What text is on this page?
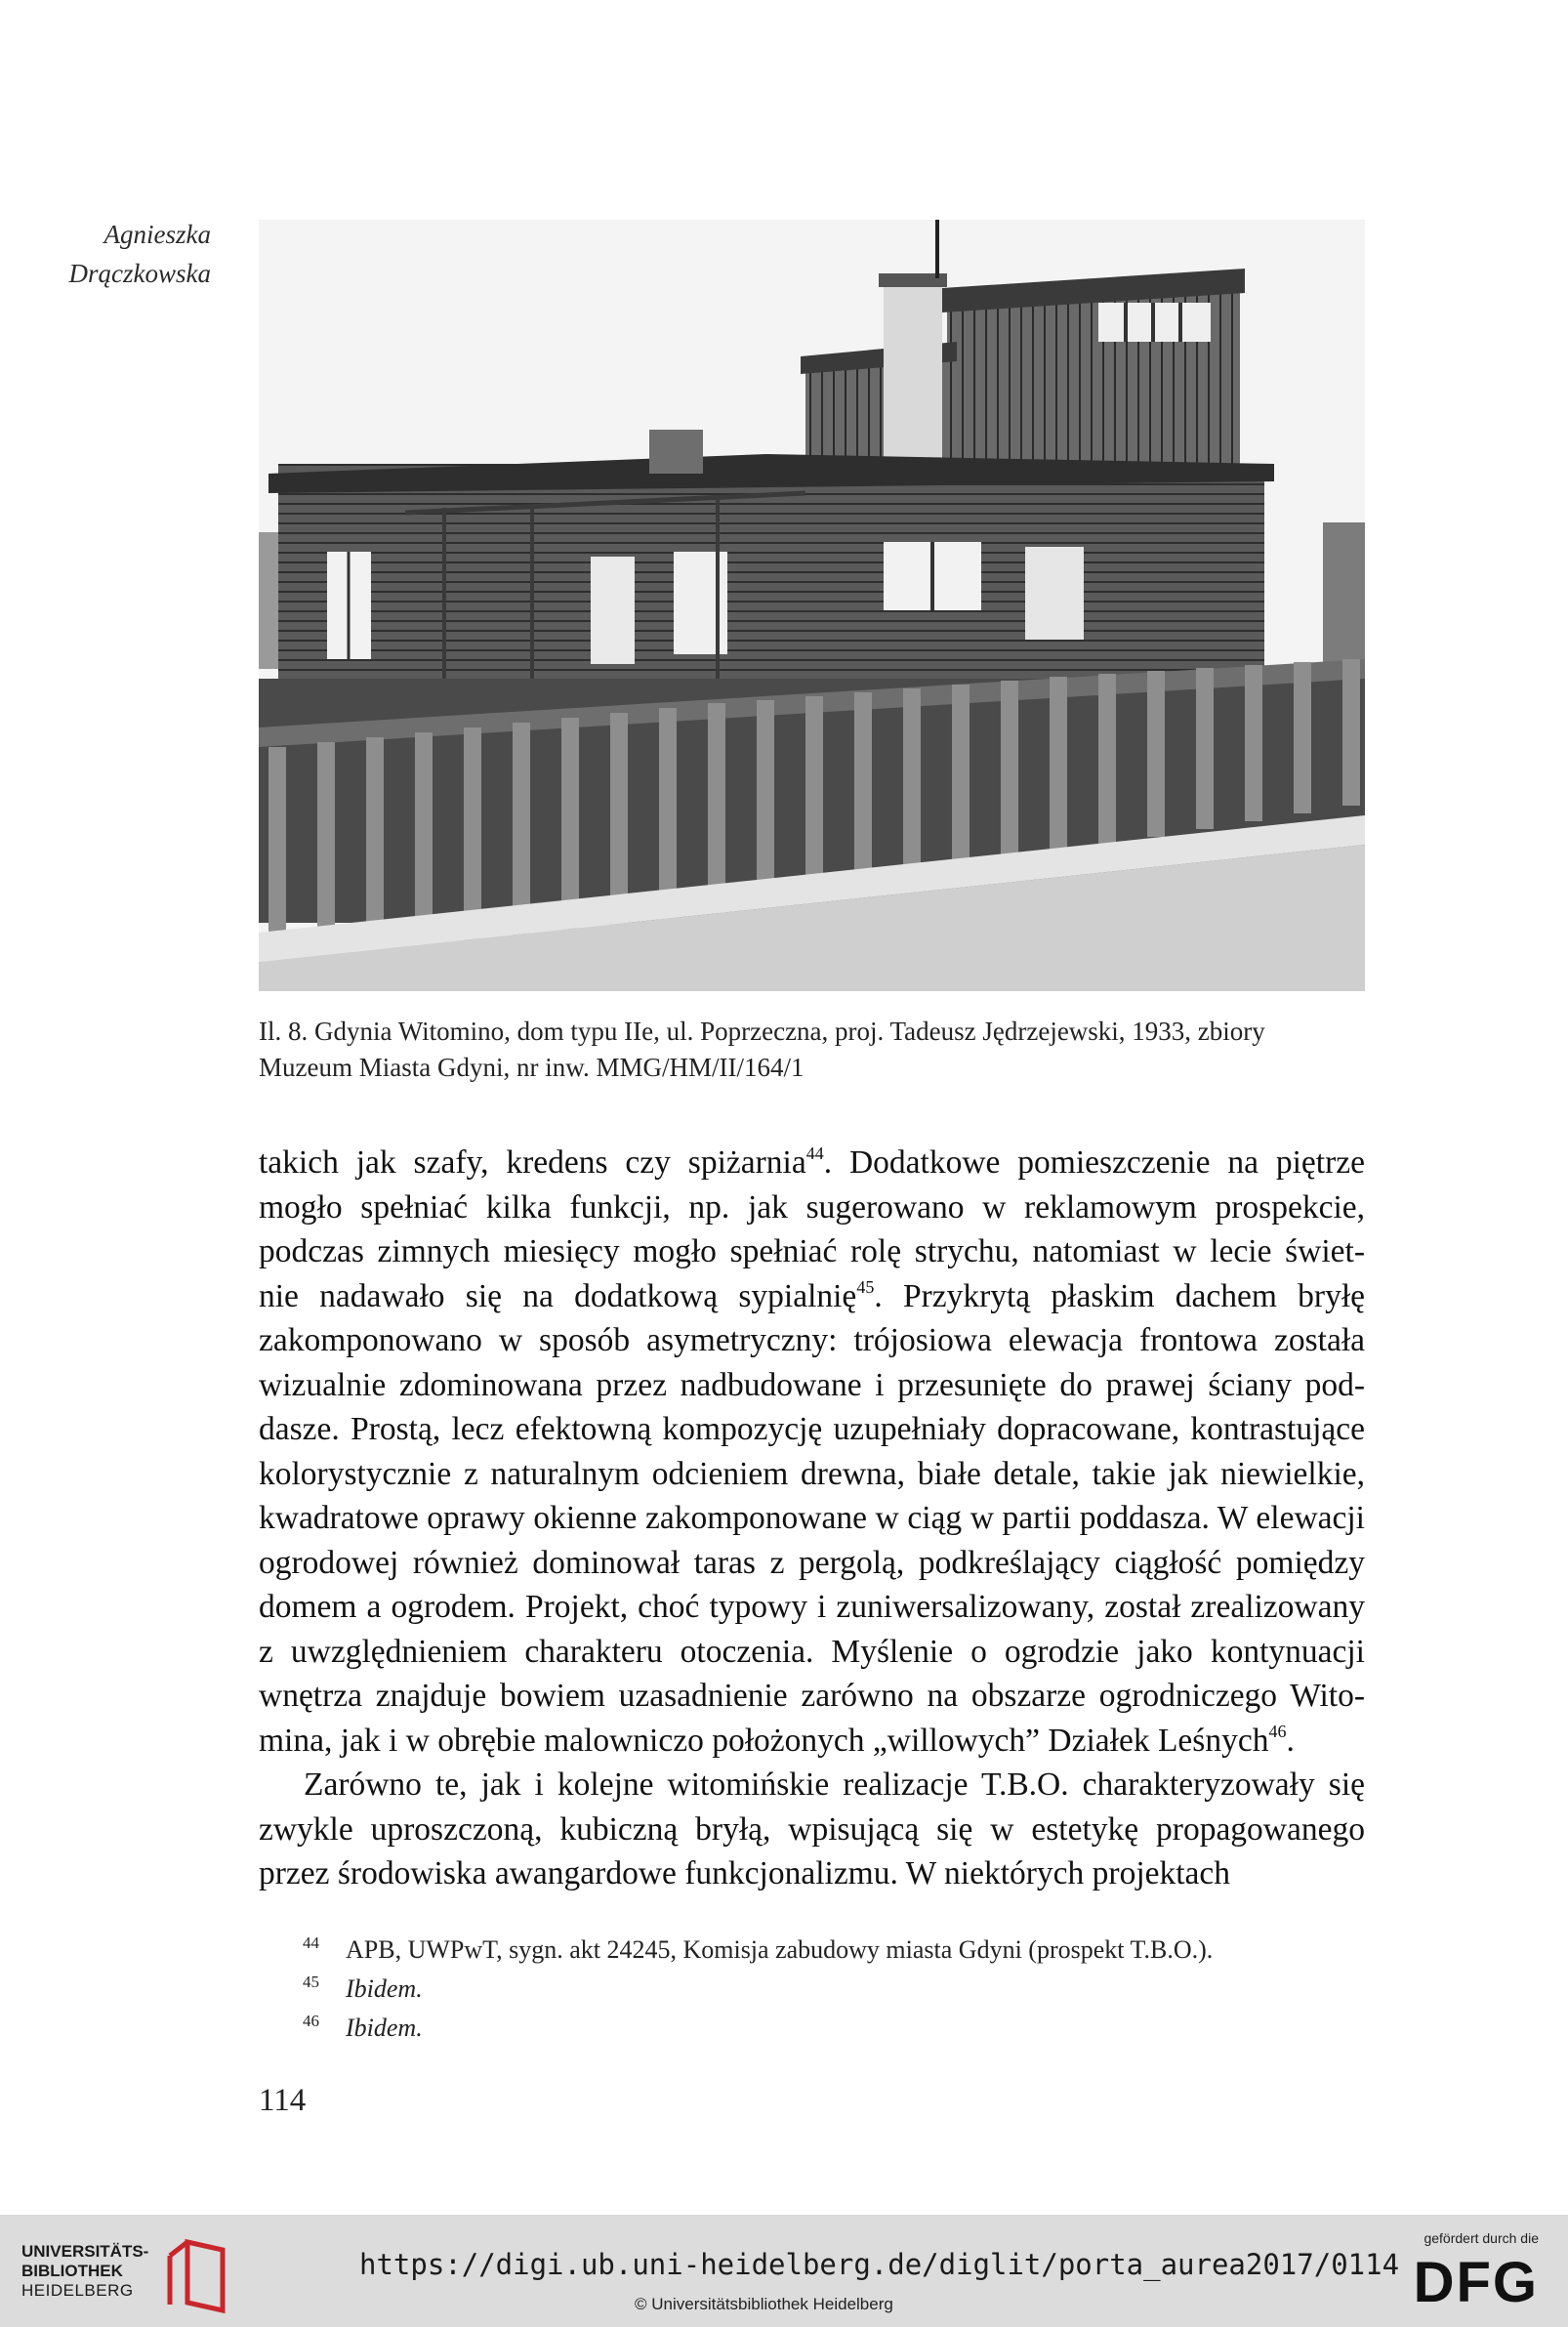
Agnieszka
Drączkowska
Il. 8. Gdynia Witomino, dom typu IIe, ul. Poprzeczna, proj. Tadeusz Jędrzejewski, 1933, zbiory
Muzeum Miasta Gdyni, nr inw. MMG/HM/II/164/1

takich jak szafy, kredens czy spiżarnia$^{44}$. Dodatkowe pomieszczenie na piętrze
mogło spełniać kilka funkcji, np. jak sugerowano w reklamowym prospekcie,
podczas zimnych miesięcy mogło spełniać rolę strychu, natomiast w lecie świet-
nie nadawało się na dodatkową sypialnię$^{45}$. Przykrytą płaskim dachem bryłę
zakomponowano w sposób asymetryczny: trójosiowa elewacja frontowa została
wizualnie zdominowana przez nadbudowane i przesunięte do prawej ściany pod-
dasze. Prostą, lecz efektowną kompozycję uzupełniały dopracowane, kontrastujące
kolorystycznie z naturalnym odcieniem drewna, białe detale, takie jak niewielkie,
kwadratowe oprawy okienne zakomponowane w ciąg w partii poddasza. W elewacji
ogrodowej również dominował taras z pergolą, podkreślający ciągłość pomiędzy
domem a ogrodem. Projekt, choć typowy i zuniwersalizowany, został zrealizowany
z uwzględnieniem charakteru otoczenia. Myślenie o ogrodzie jako kontynuacji
wnętrza znajduje bowiem uzasadnienie zarówno na obszarze ogrodniczego Wito-
mina, jak i w obrębie malowniczo położonych „willowych” Działek Leśnych$^{46}$.

Zarówno te, jak i kolejne witomińskie realizacje T.B.O. charakteryzowały się
zwykle uproszczoną, kubiczną bryłą, wpisującą się w estetykę propagowanego
przez środowiska awangardowe funkcjonalizmu. W niektórych projektach

44	APB, UWPwT, sygn. akt 24245, Komisja zabudowy miasta Gdyni (prospekt T.B.O.).
45	Ibidem.
46	Ibidem.
114
UNIVERSITÄTS-
BIBLIOTHEK
HEIDELBERG
https://digi.ub.uni-heidelberg.de/diglit/porta_aurea2017/0114
© Universitätsbibliothek Heidelberg
gefördert durch die
DFG
